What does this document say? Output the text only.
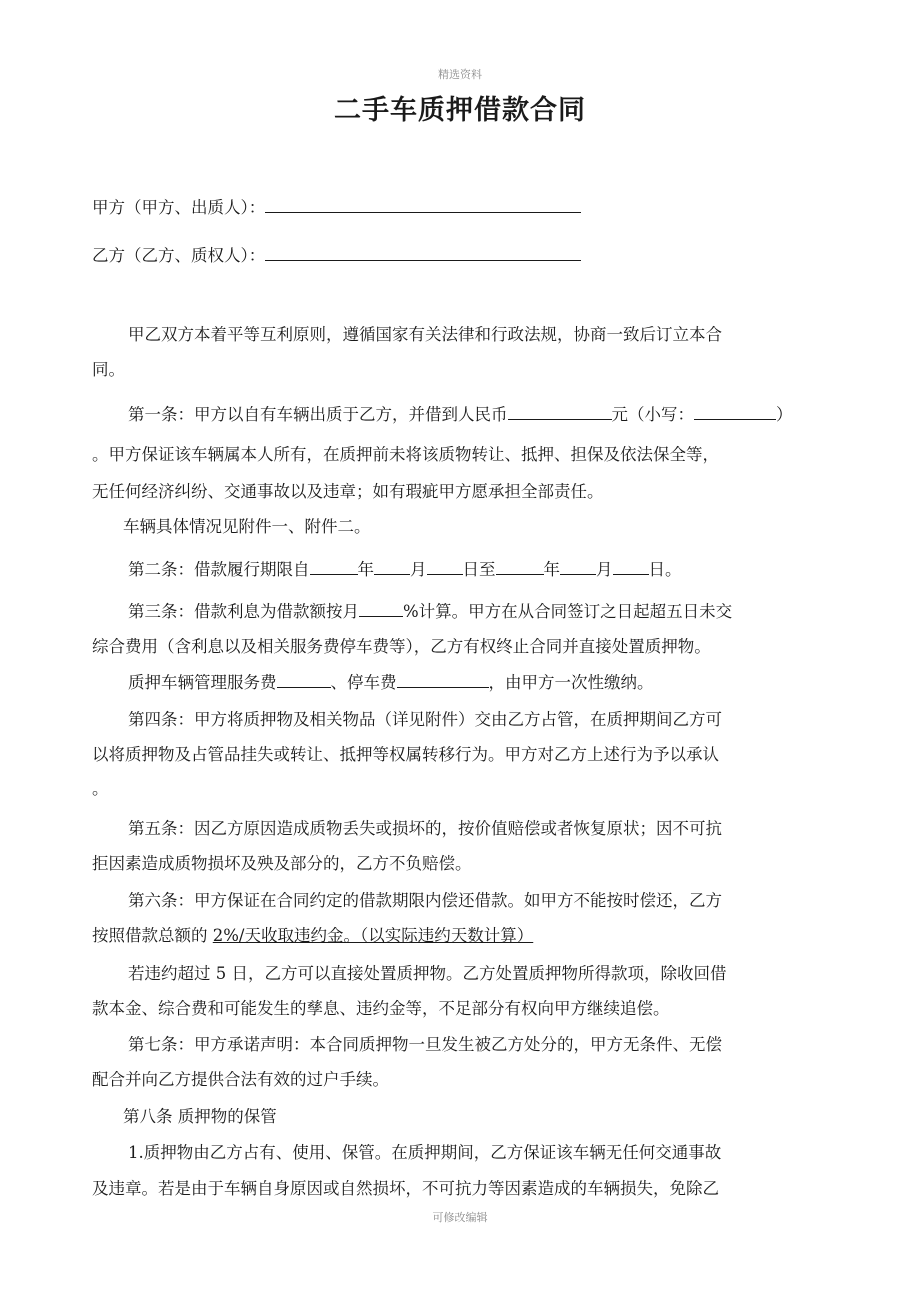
精选资料
二手车质押借款合同
甲方（甲方、出质人）：
乙方（乙方、质权人）：
甲乙双方本着平等互利原则，遵循国家有关法律和行政法规，协商一致后订立本合
同。
第一条：甲方以自有车辆出质于乙方，并借到人民币	元（小写：	）
。甲方保证该车辆属本人所有，在质押前未将该质物转让、抵押、担保及依法保全等，
无任何经济纠纷、交通事故以及违章；如有瑕疵甲方愿承担全部责任。
车辆具体情况见附件一、附件二。
第二条：借款履行期限自	年 月 日至	年 月 日。
第三条：借款利息为借款额按月	%计算。甲方在从合同签订之日起超五日未交
综合费用（含利息以及相关服务费停车费等），乙方有权终止合同并直接处置质押物。
质押车辆管理服务费	、停车费	，由甲方一次性缴纳。
第四条：甲方将质押物及相关物品（详见附件）交由乙方占管，在质押期间乙方可
以将质押物及占管品挂失或转让、抵押等权属转移行为。甲方对乙方上述行为予以承认
。
第五条：因乙方原因造成质物丢失或损坏的，按价值赔偿或者恢复原状；因不可抗
拒因素造成质物损坏及殃及部分的，乙方不负赔偿。
第六条：甲方保证在合同约定的借款期限内偿还借款。如甲方不能按时偿还，乙方
按照借款总额的 2%/天收取违约金。（以实际违约天数计算）
若违约超过 5 日，乙方可以直接处置质押物。乙方处置质押物所得款项，除收回借
款本金、综合费和可能发生的孳息、违约金等，不足部分有权向甲方继续追偿。
第七条：甲方承诺声明：本合同质押物一旦发生被乙方处分的，甲方无条件、无偿
配合并向乙方提供合法有效的过户手续。
第八条 质押物的保管
1.质押物由乙方占有、使用、保管。在质押期间，乙方保证该车辆无任何交通事故
及违章。若是由于车辆自身原因或自然损坏，不可抗力等因素造成的车辆损失，免除乙
可修改编辑
